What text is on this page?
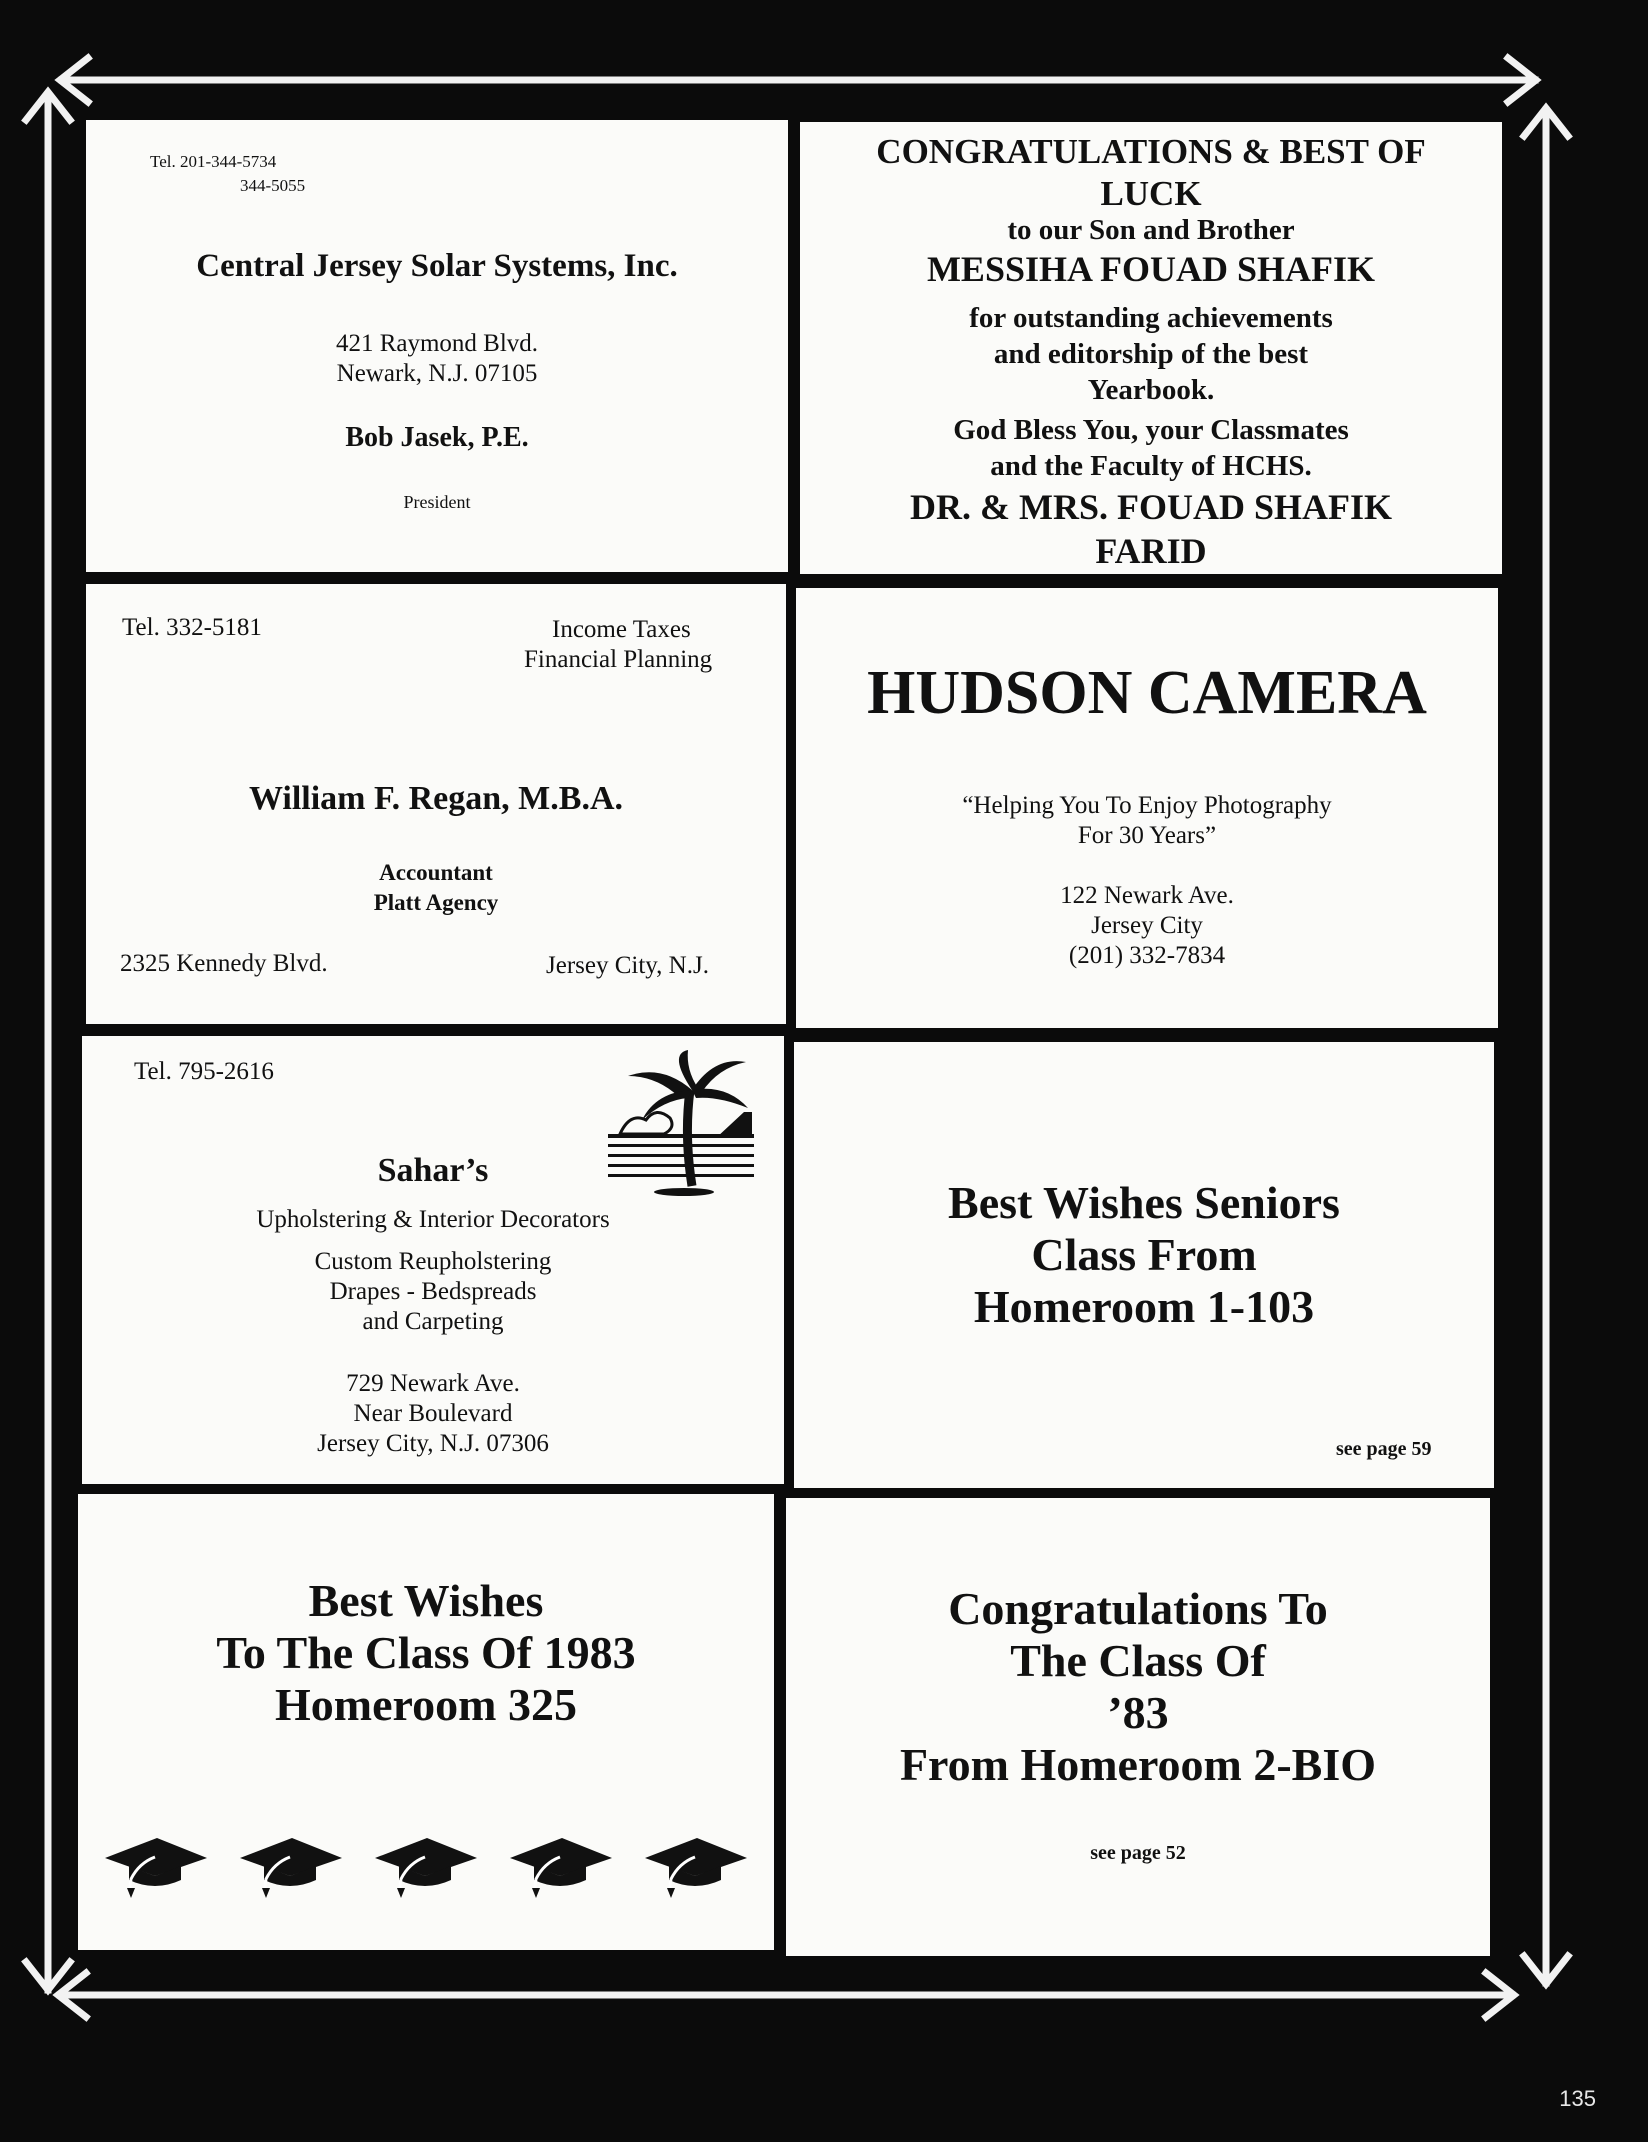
Tel. 201-344-5734
344-5055
Central Jersey Solar Systems, Inc.
421 Raymond Blvd.
Newark, N.J. 07105
Bob Jasek, P.E.
President
CONGRATULATIONS & BEST OF
LUCK
to our Son and Brother
MESSIHA FOUAD SHAFIK
for outstanding achievements
and editorship of the best
Yearbook.
God Bless You, your Classmates
and the Faculty of HCHS.
DR. & MRS. FOUAD SHAFIK
FARID
Tel. 332-5181	Income Taxes
Financial Planning
William F. Regan, M.B.A.
Accountant
Platt Agency
2325 Kennedy Blvd.	Jersey City, N.J.
HUDSON CAMERA
“Helping You To Enjoy Photography
For 30 Years”
122 Newark Ave.
Jersey City
(201) 332-7834
Tel. 795-2616
Sahar’s
Upholstering & Interior Decorators
Custom Reupholstering
Drapes - Bedspreads
and Carpeting
729 Newark Ave.
Near Boulevard
Jersey City, N.J. 07306
Best Wishes Seniors
Class From
Homeroom 1-103
see page 59
Best Wishes
To The Class Of 1983
Homeroom 325
Congratulations To
The Class Of
’83
From Homeroom 2-BIO
see page 52
135
